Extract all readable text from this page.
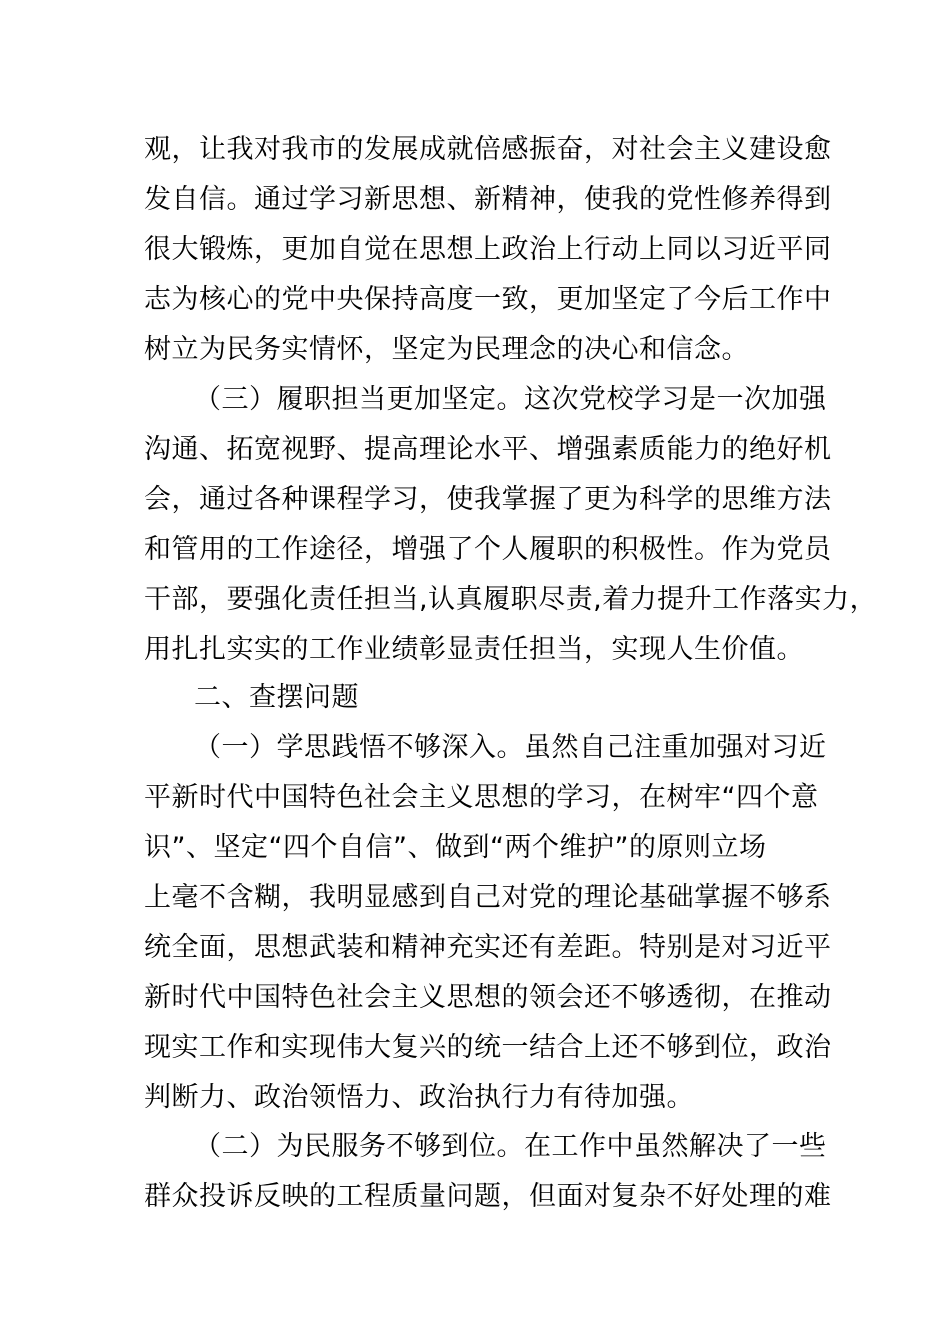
观，让我对我市的发展成就倍感振奋，对社会主义建设愈
发自信。通过学习新思想、新精神，使我的党性修养得到
很大锻炼，更加自觉在思想上政治上行动上同以习近平同
志为核心的党中央保持高度一致，更加坚定了今后工作中
树立为民务实情怀，坚定为民理念的决心和信念。
（三）履职担当更加坚定。这次党校学习是一次加强
沟通、拓宽视野、提高理论水平、增强素质能力的绝好机
会，通过各种课程学习，使我掌握了更为科学的思维方法
和管用的工作途径，增强了个人履职的积极性。作为党员
干部，要强化责任担当,认真履职尽责,着力提升工作落实力，
用扎扎实实的工作业绩彰显责任担当，实现人生价值。
二、查摆问题
（一）学思践悟不够深入。虽然自己注重加强对习近
平新时代中国特色社会主义思想的学习，在树牢“四个意
识”、坚定“四个自信”、做到“两个维护”的原则立场
上毫不含糊，我明显感到自己对党的理论基础掌握不够系
统全面，思想武装和精神充实还有差距。特别是对习近平
新时代中国特色社会主义思想的领会还不够透彻，在推动
现实工作和实现伟大复兴的统一结合上还不够到位，政治
判断力、政治领悟力、政治执行力有待加强。
（二）为民服务不够到位。在工作中虽然解决了一些
群众投诉反映的工程质量问题，但面对复杂不好处理的难
